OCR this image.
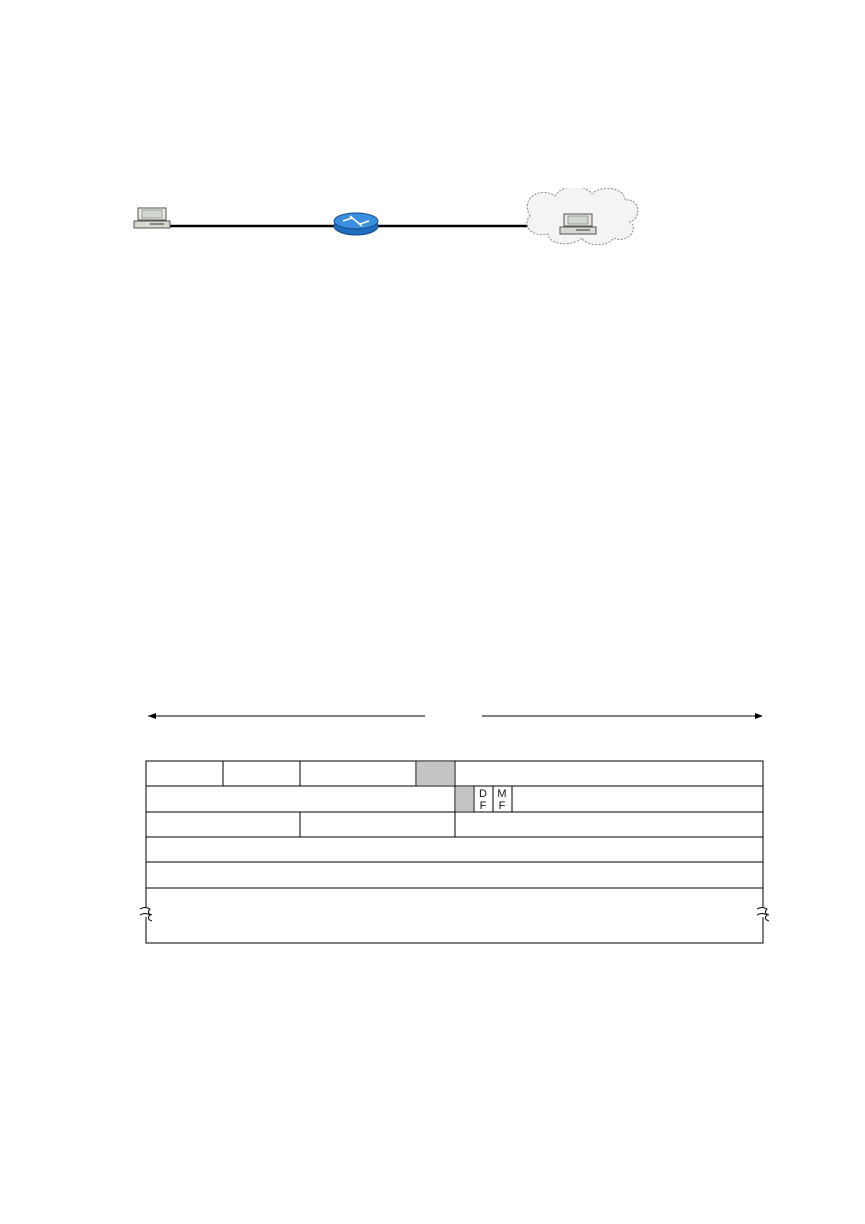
D
F
M
F
